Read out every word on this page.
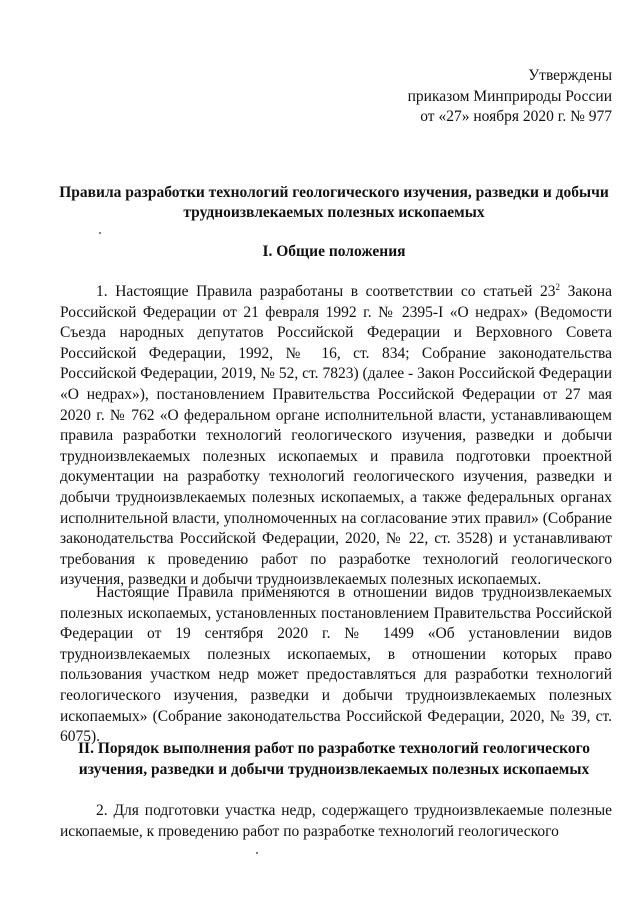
Утверждены
приказом Минприроды России
от «27» ноября 2020 г. № 977
Правила разработки технологий геологического изучения, разведки и добычи
трудноизвлекаемых полезных ископаемых
I. Общие положения

1. Настоящие Правила разработаны в соответствии со статьей $23^2$ Закона Российской Федерации от 21 февраля 1992 г. № 2395-I «О недрах» (Ведомости Съезда народных депутатов Российской Федерации и Верховного Совета Российской Федерации, 1992, № 16, ст. 834; Собрание законодательства Российской Федерации, 2019, № 52, ст. 7823) (далее - Закон Российской Федерации «О недрах»), постановлением Правительства Российской Федерации от 27 мая 2020 г. № 762 «О федеральном органе исполнительной власти, устанавливающем правила разработки технологий геологического изучения, разведки и добычи трудноизвлекаемых полезных ископаемых и правила подготовки проектной документации на разработку технологий геологического изучения, разведки и добычи трудноизвлекаемых полезных ископаемых, а также федеральных органах исполнительной власти, уполномоченных на согласование этих правил» (Собрание законодательства Российской Федерации, 2020, № 22, ст. 3528) и устанавливают требования к проведению работ по разработке технологий геологического изучения, разведки и добычи трудноизвлекаемых полезных ископаемых.

Настоящие Правила применяются в отношении видов трудноизвлекаемых полезных ископаемых, установленных постановлением Правительства Российской Федерации от 19 сентября 2020 г. № 1499 «Об установлении видов трудноизвлекаемых полезных ископаемых, в отношении которых право пользования участком недр может предоставляться для разработки технологий геологического изучения, разведки и добычи трудноизвлекаемых полезных ископаемых» (Собрание законодательства Российской Федерации, 2020, № 39, ст. 6075).

II. Порядок выполнения работ по разработке технологий геологического
изучения, разведки и добычи трудноизвлекаемых полезных ископаемых

2. Для подготовки участка недр, содержащего трудноизвлекаемые полезные ископаемые, к проведению работ по разработке технологий геологического
